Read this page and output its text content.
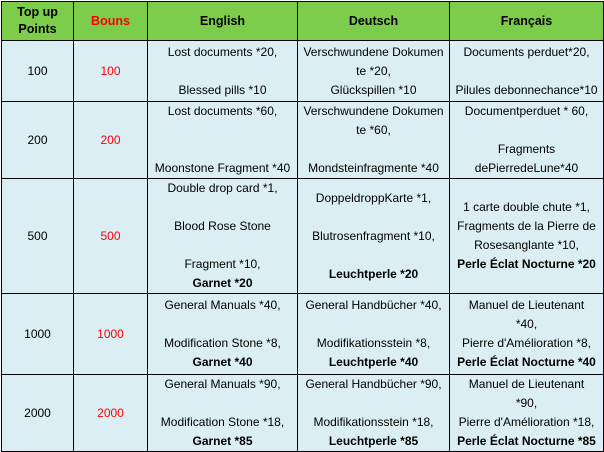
Top up
Points	Bouns	English	Deutsch	Français
100	100	Lost documents *20,
Blessed pills *10	Verschwundene Dokumen
te *20,
Glückspillen *10	Documents perduet*20,
Pilules debonnechance*10

200	200	Lost documents *60,
Moonstone Fragment *40	Verschwundene Dokumen
te *60,
Mondsteinfragmente *40	Documentperduet * 60,
Fragments
dePierredeLune*40

500	500	Double drop card *1,
Blood Rose Stone
Fragment *10,
Garnet *20	DoppeldroppKarte *1,
Blutrosenfragment *10,
Leuchtperle *20	1 carte double chute *1,
Fragments de la Pierre de
Rosesanglante *10,
Perle Éclat Nocturne *20

1000	1000	General Manuals *40,
Modification Stone *8,
Garnet *40	General Handbücher *40,
Modifikationsstein *8,
Leuchtperle *40	Manuel de Lieutenant
*40,
Pierre d'Amélioration *8,
Perle Éclat Nocturne *40

2000	2000	General Manuals *90,
Modification Stone *18,
Garnet *85	General Handbücher *90,
Modifikationsstein *18,
Leuchtperle *85	Manuel de Lieutenant
*90,
Pierre d'Amélioration *18,
Perle Éclat Nocturne *85
